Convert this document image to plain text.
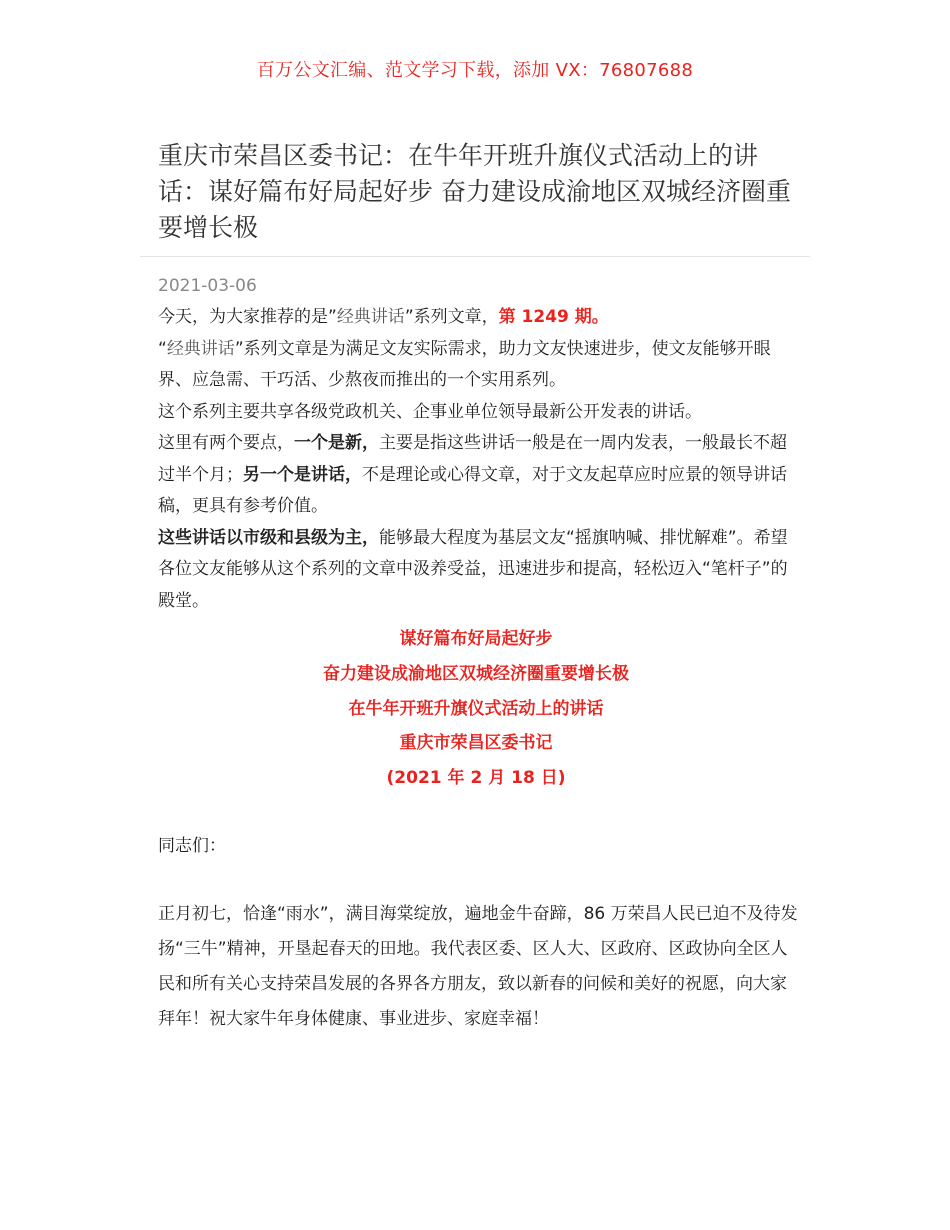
百万公文汇编、范文学习下载，添加 VX：76807688
重庆市荣昌区委书记：在牛年开班升旗仪式活动上的讲话：谋好篇布好局起好步 奋力建设成渝地区双城经济圈重要增长极
2021-03-06

今天，为大家推荐的是”经典讲话”系列文章，第 1249 期。

“经典讲话”系列文章是为满足文友实际需求，助力文友快速进步，使文友能够开眼界、应急需、干巧活、少熬夜而推出的一个实用系列。

这个系列主要共享各级党政机关、企事业单位领导最新公开发表的讲话。

这里有两个要点，一个是新，主要是指这些讲话一般是在一周内发表，一般最长不超过半个月；另一个是讲话，不是理论或心得文章，对于文友起草应时应景的领导讲话稿，更具有参考价值。

这些讲话以市级和县级为主，能够最大程度为基层文友“摇旗呐喊、排忧解难”。希望各位文友能够从这个系列的文章中汲养受益，迅速进步和提高，轻松迈入“笔杆子”的殿堂。

谋好篇布好局起好步
奋力建设成渝地区双城经济圈重要增长极
在牛年开班升旗仪式活动上的讲话
重庆市荣昌区委书记
(2021 年 2 月 18 日)
同志们：
正月初七，恰逢“雨水”，满目海棠绽放，遍地金牛奋蹄，86 万荣昌人民已迫不及待发扬“三牛”精神，开垦起春天的田地。我代表区委、区人大、区政府、区政协向全区人民和所有关心支持荣昌发展的各界各方朋友，致以新春的问候和美好的祝愿，向大家拜年！祝大家牛年身体健康、事业进步、家庭幸福！
